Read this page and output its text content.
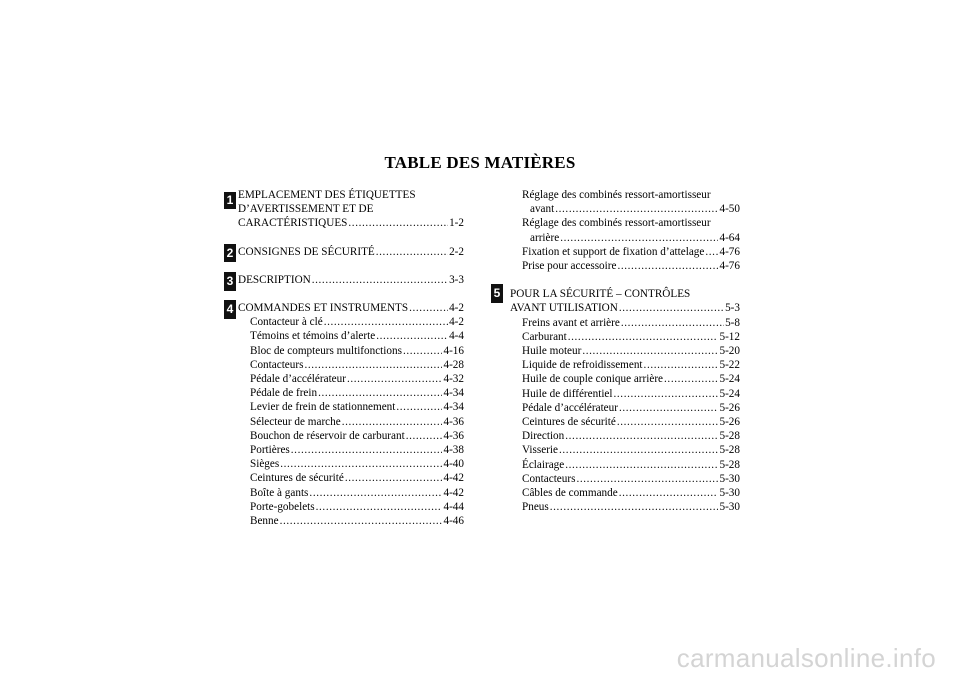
TABLE DES MATIÈRES
1
2
3
4
5
EMPLACEMENT DES ÉTIQUETTES
D’AVERTISSEMENT ET DE
CARACTÉRISTIQUES .....	1-2
CONSIGNES DE SÉCURITÉ .....	2-2
DESCRIPTION .....	3-3
COMMANDES ET INSTRUMENTS .....	4-2
Contacteur à clé .....	4-2
Témoins et témoins d’alerte .....	4-4
Bloc de compteurs multifonctions .....	4-16
Contacteurs .....	4-28
Pédale d’accélérateur .....	4-32
Pédale de frein .....	4-34
Levier de frein de stationnement .....	4-34
Sélecteur de marche .....	4-36
Bouchon de réservoir de carburant .....	4-36
Portières .....	4-38
Sièges .....	4-40
Ceintures de sécurité .....	4-42
Boîte à gants .....	4-42
Porte-gobelets .....	4-44
Benne .....	4-46
Réglage des combinés ressort-amortisseur
avant .....	4-50
Réglage des combinés ressort-amortisseur
arrière .....	4-64
Fixation et support de fixation d’attelage ..... 4-76
Prise pour accessoire .....	4-76
POUR LA SÉCURITÉ – CONTRÔLES
AVANT UTILISATION .....	5-3
Freins avant et arrière .....	5-8
Carburant .....	5-12
Huile moteur .....	5-20
Liquide de refroidissement .....	5-22
Huile de couple conique arrière .....	5-24
Huile de différentiel .....	5-24
Pédale d’accélérateur .....	5-26
Ceintures de sécurité .....	5-26
Direction .....	5-28
Visserie .....	5-28
Éclairage .....	5-28
Contacteurs .....	5-30
Câbles de commande .....	5-30
Pneus .....	5-30
carmanualsonline.info
